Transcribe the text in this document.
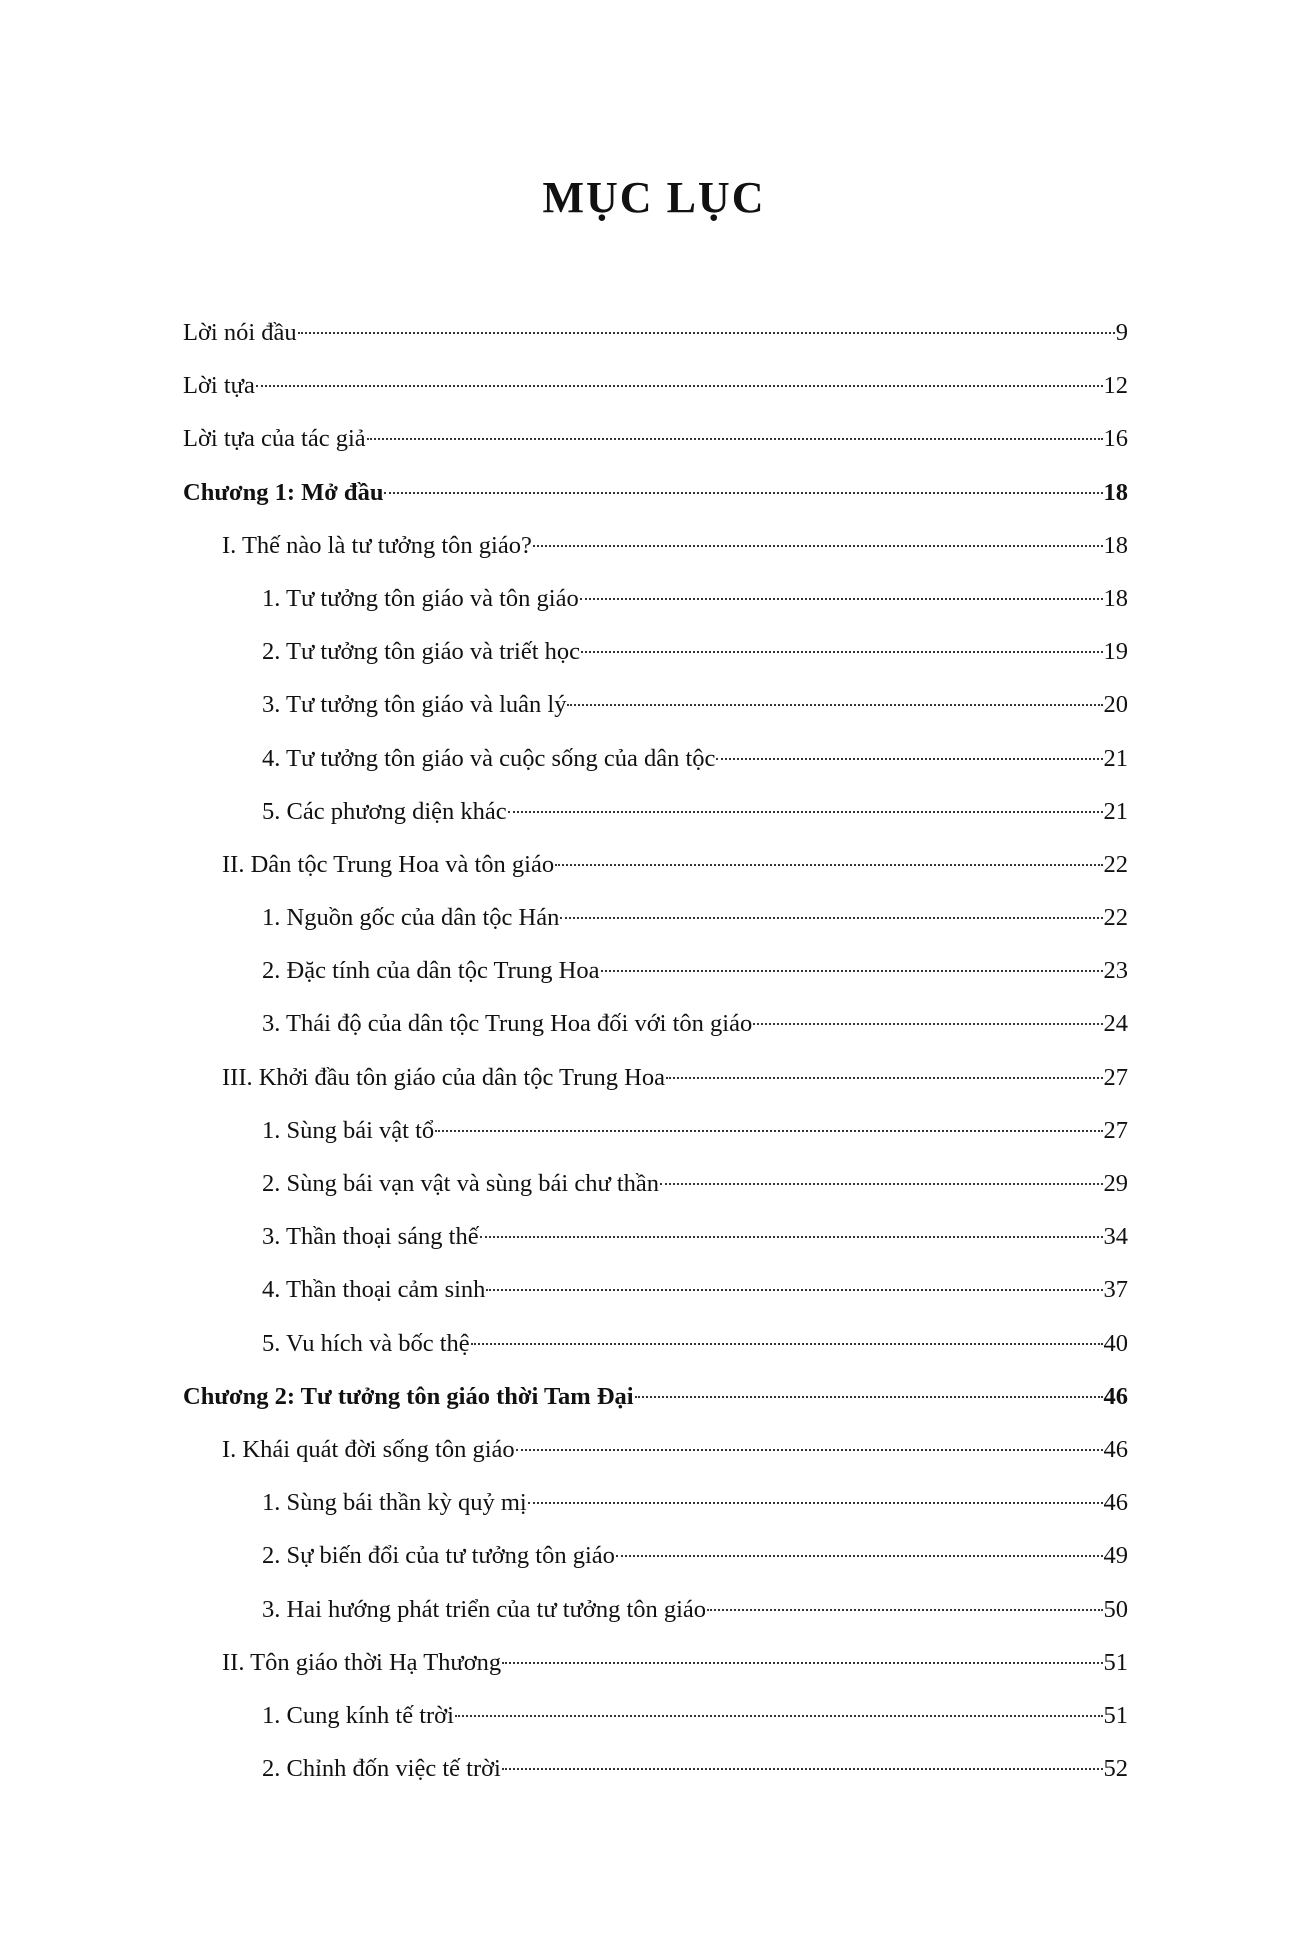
MỤC LỤC
Lời nói đầu	9
Lời tựa	12
Lời tựa của tác giả	16
Chương 1: Mở đầu	18
I. Thế nào là tư tưởng tôn giáo?	18
1. Tư tưởng tôn giáo và tôn giáo	18
2. Tư tưởng tôn giáo và triết học	19
3. Tư tưởng tôn giáo và luân lý	20
4. Tư tưởng tôn giáo và cuộc sống của dân tộc	21
5. Các phương diện khác	21
II. Dân tộc Trung Hoa và tôn giáo	22
1. Nguồn gốc của dân tộc Hán	22
2. Đặc tính của dân tộc Trung Hoa	23
3. Thái độ của dân tộc Trung Hoa đối với tôn giáo	24
III. Khởi đầu tôn giáo của dân tộc Trung Hoa	27
1. Sùng bái vật tổ	27
2. Sùng bái vạn vật và sùng bái chư thần	29
3. Thần thoại sáng thế	34
4. Thần thoại cảm sinh	37
5. Vu hích và bốc thệ	40
Chương 2: Tư tưởng tôn giáo thời Tam Đại	46
I. Khái quát đời sống tôn giáo	46
1. Sùng bái thần kỳ quỷ mị	46
2. Sự biến đổi của tư tưởng tôn giáo	49
3. Hai hướng phát triển của tư tưởng tôn giáo	50
II. Tôn giáo thời Hạ Thương	51
1. Cung kính tế trời	51
2. Chỉnh đốn việc tế trời	52
